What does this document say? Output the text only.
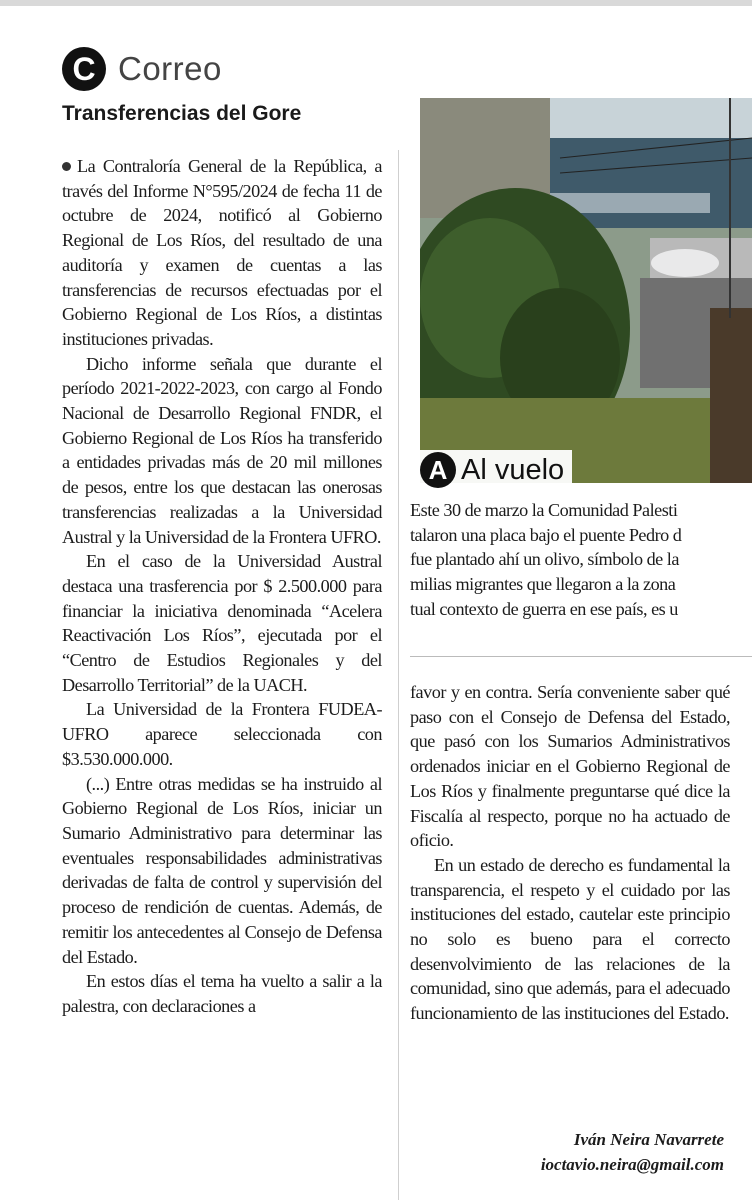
C Correo
Transferencias del Gore

La Contraloría General de la República, a través del Informe N°595/2024 de fecha 11 de octubre de 2024, notificó al Gobierno Regional de Los Ríos, del resultado de una auditoría y examen de cuentas a las transferencias de recursos efectuadas por el Gobierno Regional de Los Ríos, a distintas instituciones privadas.

Dicho informe señala que durante el período 2021-2022-2023, con cargo al Fondo Nacional de Desarrollo Regional FNDR, el Gobierno Regional de Los Ríos ha transferido a entidades privadas más de 20 mil millones de pesos, entre los que destacan las onerosas transferencias realizadas a la Universidad Austral y la Universidad de la Frontera UFRO.

En el caso de la Universidad Austral destaca una trasferencia por $ 2.500.000 para financiar la iniciativa denominada “Acelera Reactivación Los Ríos”, ejecutada por el “Centro de Estudios Regionales y del Desarrollo Territorial” de la UACH.

La Universidad de la Frontera FUDEA-UFRO aparece seleccionada con $3.530.000.000.

(...) Entre otras medidas se ha instruido al Gobierno Regional de Los Ríos, iniciar un Sumario Administrativo para determinar las eventuales responsabilidades administrativas derivadas de falta de control y supervisión del proceso de rendición de cuentas. Además, de remitir los antecedentes al Consejo de Defensa del Estado.

En estos días el tema ha vuelto a salir a la palestra, con declaraciones a

A Al vuelo
Este 30 de marzo la Comunidad Palesti
talaron una placa bajo el puente Pedro d
fue plantado ahí un olivo, símbolo de la
milias migrantes que llegaron a la zona
tual contexto de guerra en ese país, es u

favor y en contra. Sería conveniente saber qué paso con el Consejo de Defensa del Estado, que pasó con los Sumarios Administrativos ordenados iniciar en el Gobierno Regional de Los Ríos y finalmente preguntarse qué dice la Fiscalía al respecto, porque no ha actuado de oficio.

En un estado de derecho es fundamental la transparencia, el respeto y el cuidado por las instituciones del estado, cautelar este principio no solo es bueno para el correcto desenvolvimiento de las relaciones de la comunidad, sino que además, para el adecuado funcionamiento de las instituciones del Estado.

Iván Neira Navarrete
ioctavio.neira@gmail.com
